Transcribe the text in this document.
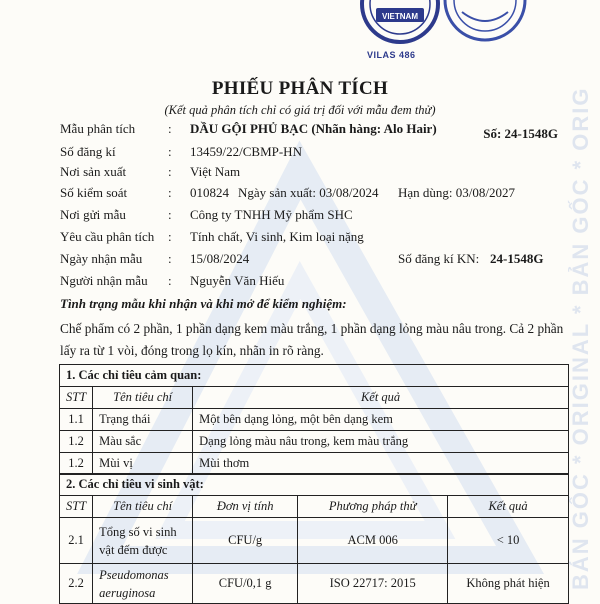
BẢN GỐC * ORIGINAL * BẢN GỐC * ORIG
VIETNAM
VILAS 486
PHIẾU PHÂN TÍCH
(Kết quả phân tích chỉ có giá trị đối với mẫu đem thử)
Số: 24-1548G
Mẫu phân tích	: DẦU GỘI PHỦ BẠC (Nhãn hàng: Alo Hair)
Số đăng kí	: 13459/22/CBMP-HN
Nơi sản xuất	: Việt Nam
Số kiểm soát	: 010824 Ngày sản xuất: 03/08/2024 Hạn dùng: 03/08/2027
Nơi gửi mẫu	: Công ty TNHH Mỹ phẩm SHC
Yêu cầu phân tích : Tính chất, Vi sinh, Kim loại nặng
Ngày nhận mẫu : 15/08/2024	Số đăng kí KN: 24-1548G
Người nhận mẫu : Nguyễn Văn Hiếu
Tình trạng mẫu khi nhận và khi mở để kiểm nghiệm:
Chế phẩm có 2 phần, 1 phần dạng kem màu trắng, 1 phần dạng lỏng màu nâu trong. Cả 2 phần lấy ra từ 1 vòi, đóng trong lọ kín, nhãn in rõ ràng.
1. Các chỉ tiêu cảm quan:		
STT	Tên tiêu chí	Kết quả
1.1	Trạng thái	Một bên dạng lỏng, một bên dạng kem
1.2	Màu sắc	Dạng lỏng màu nâu trong, kem màu trắng
1.2	Mùi vị	Mùi thơm
2. Các chỉ tiêu vi sinh vật:				
STT	Tên tiêu chí	Đơn vị tính	Phương pháp thử	Kết quả
2.1	Tổng số vi sinh vật đếm được	CFU/g	ACM 006	< 10
2.2	Pseudomonas aeruginosa	CFU/0,1 g	ISO 22717: 2015	Không phát hiện
